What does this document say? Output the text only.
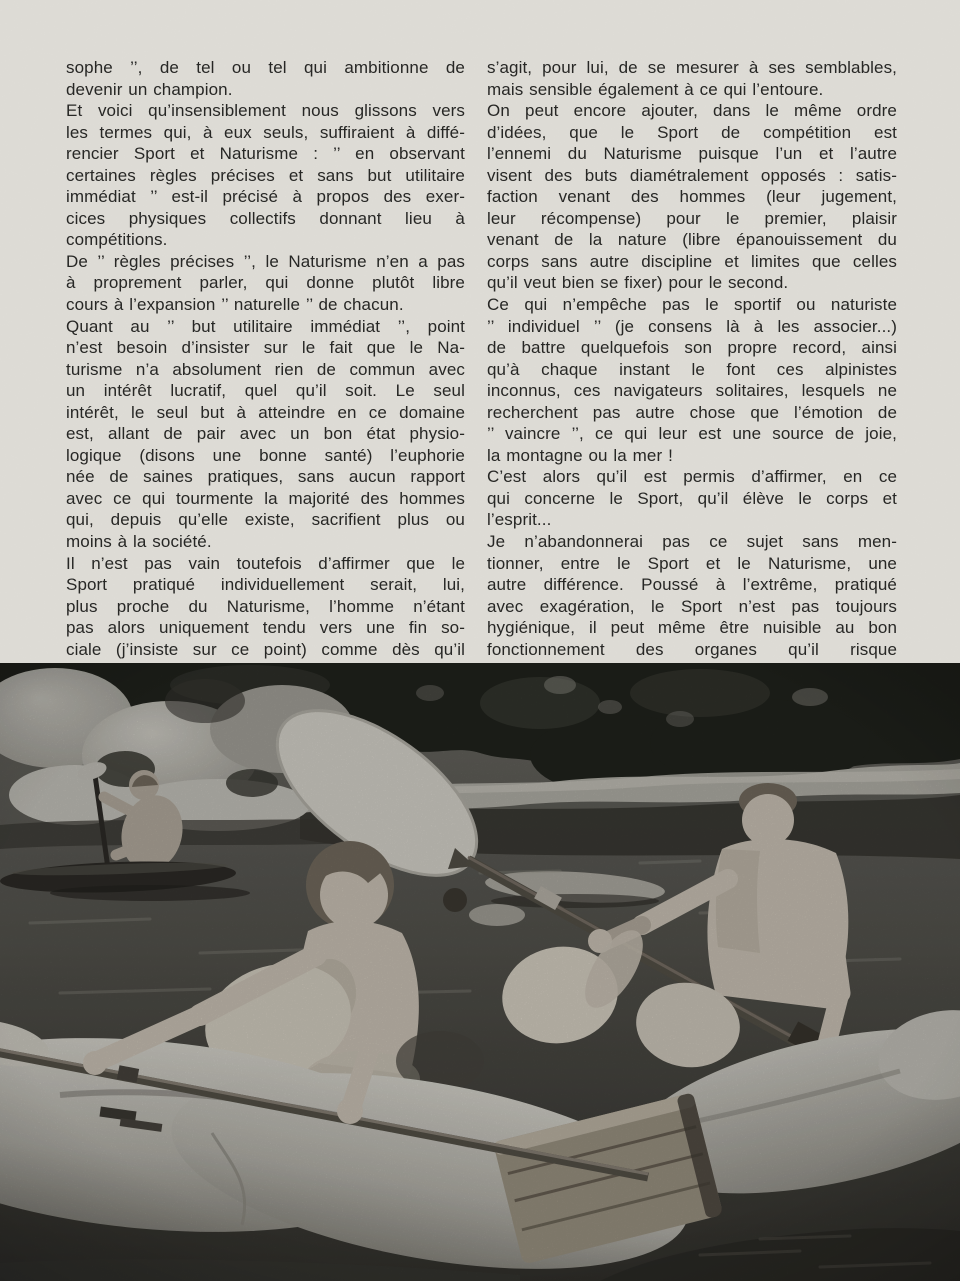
sophe ’’, de tel ou tel qui ambitionne de
devenir un champion.
Et voici qu’insensiblement nous glissons vers
les termes qui, à eux seuls, suffiraient à diffé-
rencier Sport et Naturisme : ’’ en observant
certaines règles précises et sans but utilitaire
immédiat ’’ est-il précisé à propos des exer-
cices physiques collectifs donnant lieu à
compétitions.
De ’’ règles précises ’’, le Naturisme n’en a pas
à proprement parler, qui donne plutôt libre
cours à l’expansion ’’ naturelle ’’ de chacun.
Quant au ’’ but utilitaire immédiat ’’, point
n’est besoin d’insister sur le fait que le Na-
turisme n’a absolument rien de commun avec
un intérêt lucratif, quel qu’il soit. Le seul
intérêt, le seul but à atteindre en ce domaine
est, allant de pair avec un bon état physio-
logique (disons une bonne santé) l’euphorie
née de saines pratiques, sans aucun rapport
avec ce qui tourmente la majorité des hommes
qui, depuis qu’elle existe, sacrifient plus ou
moins à la société.
Il n’est pas vain toutefois d’affirmer que le
Sport pratiqué individuellement serait, lui,
plus proche du Naturisme, l’homme n’étant
pas alors uniquement tendu vers une fin so-
ciale (j’insiste sur ce point) comme dès qu’il
s’agit, pour lui, de se mesurer à ses semblables,
mais sensible également à ce qui l’entoure.
On peut encore ajouter, dans le même ordre
d’idées, que le Sport de compétition est
l’ennemi du Naturisme puisque l’un et l’autre
visent des buts diamétralement opposés : satis-
faction venant des hommes (leur jugement,
leur récompense) pour le premier, plaisir
venant de la nature (libre épanouissement du
corps sans autre discipline et limites que celles
qu’il veut bien se fixer) pour le second.
Ce qui n’empêche pas le sportif ou naturiste
’’ individuel ’’ (je consens là à les associer...)
de battre quelquefois son propre record, ainsi
qu’à chaque instant le font ces alpinistes
inconnus, ces navigateurs solitaires, lesquels ne
recherchent pas autre chose que l’émotion de
’’ vaincre ’’, ce qui leur est une source de joie,
la montagne ou la mer !
C’est alors qu’il est permis d’affirmer, en ce
qui concerne le Sport, qu’il élève le corps et
l’esprit...
Je n’abandonnerai pas ce sujet sans men-
tionner, entre le Sport et le Naturisme, une
autre différence. Poussé à l’extrême, pratiqué
avec exagération, le Sport n’est pas toujours
hygiénique, il peut même être nuisible au bon
fonctionnement des organes qu’il risque
